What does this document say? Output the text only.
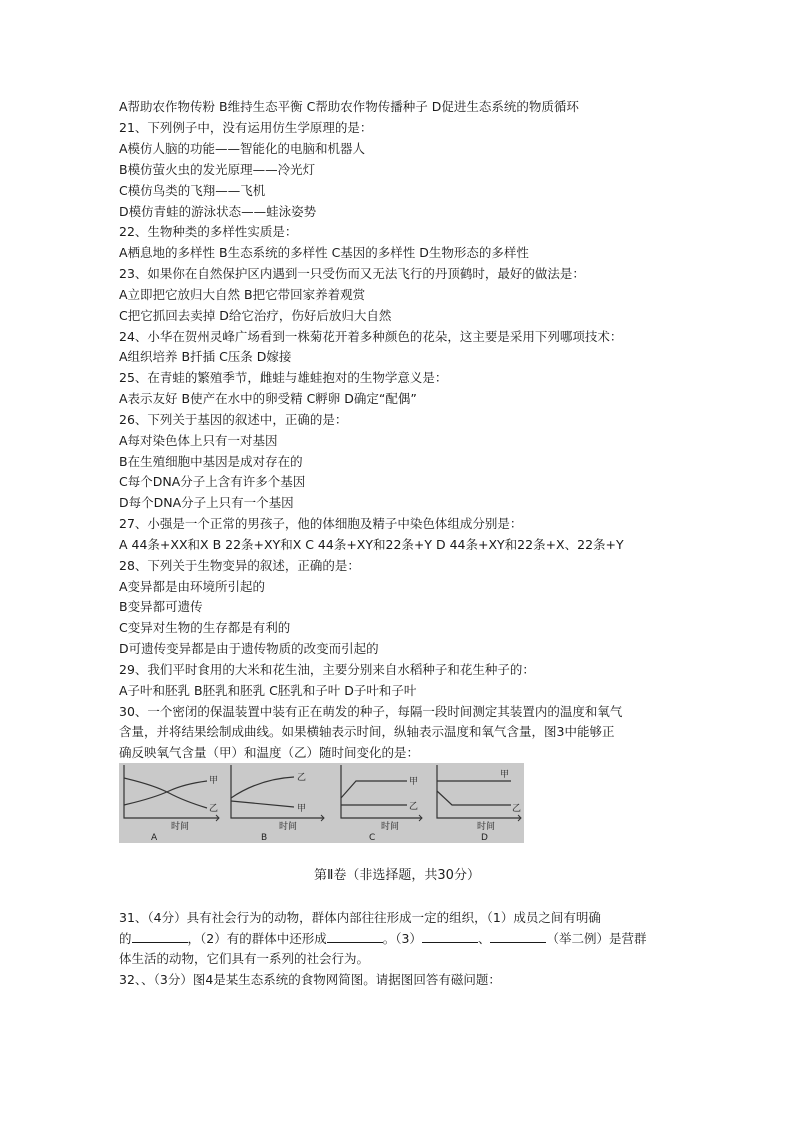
A帮助农作物传粉 B维持生态平衡 C帮助农作物传播种子 D促进生态系统的物质循环
21、下列例子中，没有运用仿生学原理的是：
A模仿人脑的功能——智能化的电脑和机器人
B模仿萤火虫的发光原理——冷光灯
C模仿鸟类的飞翔——飞机
D模仿青蛙的游泳状态——蛙泳姿势
22、生物种类的多样性实质是：
A栖息地的多样性 B生态系统的多样性 C基因的多样性 D生物形态的多样性
23、如果你在自然保护区内遇到一只受伤而又无法飞行的丹顶鹤时，最好的做法是：
A立即把它放归大自然 B把它带回家养着观赏
C把它抓回去卖掉 D给它治疗，伤好后放归大自然
24、小华在贺州灵峰广场看到一株菊花开着多种颜色的花朵，这主要是采用下列哪项技术：
A组织培养 B扦插 C压条 D嫁接
25、在青蛙的繁殖季节，雌蛙与雄蛙抱对的生物学意义是：
A表示友好 B使产在水中的卵受精 C孵卵 D确定“配偶”
26、下列关于基因的叙述中，正确的是：
A每对染色体上只有一对基因
B在生殖细胞中基因是成对存在的
C每个DNA分子上含有许多个基因
D每个DNA分子上只有一个基因
27、小强是一个正常的男孩子，他的体细胞及精子中染色体组成分别是：
A 44条+XX和X B 22条+XY和X C 44条+XY和22条+Y D 44条+XY和22条+X、22条+Y
28、下列关于生物变异的叙述，正确的是：
A变异都是由环境所引起的
B变异都可遗传
C变异对生物的生存都是有利的
D可遗传变异都是由于遗传物质的改变而引起的
29、我们平时食用的大米和花生油，主要分别来自水稻种子和花生种子的：
A子叶和胚乳 B胚乳和胚乳 C胚乳和子叶 D子叶和子叶
30、一个密闭的保温装置中装有正在萌发的种子，每隔一段时间测定其装置内的温度和氧气
含量，并将结果绘制成曲线。如果横轴表示时间，纵轴表示温度和氧气含量，图3中能够正
确反映氧气含量（甲）和温度（乙）随时间变化的是：
甲
乙
时间
A
乙
甲
时间
B
甲
乙
时间
C
甲
乙
时间
D
第Ⅱ卷（非选择题，共30分）
31、（4分）具有社会行为的动物，群体内部往往形成一定的组织，（1）成员之间有明确
的	，（2）有的群体中还形成	。（3）	、	（举二例）是营群
体生活的动物，它们具有一系列的社会行为。
32、、（3分）图4是某生态系统的食物网简图。请据图回答有磁问题：
